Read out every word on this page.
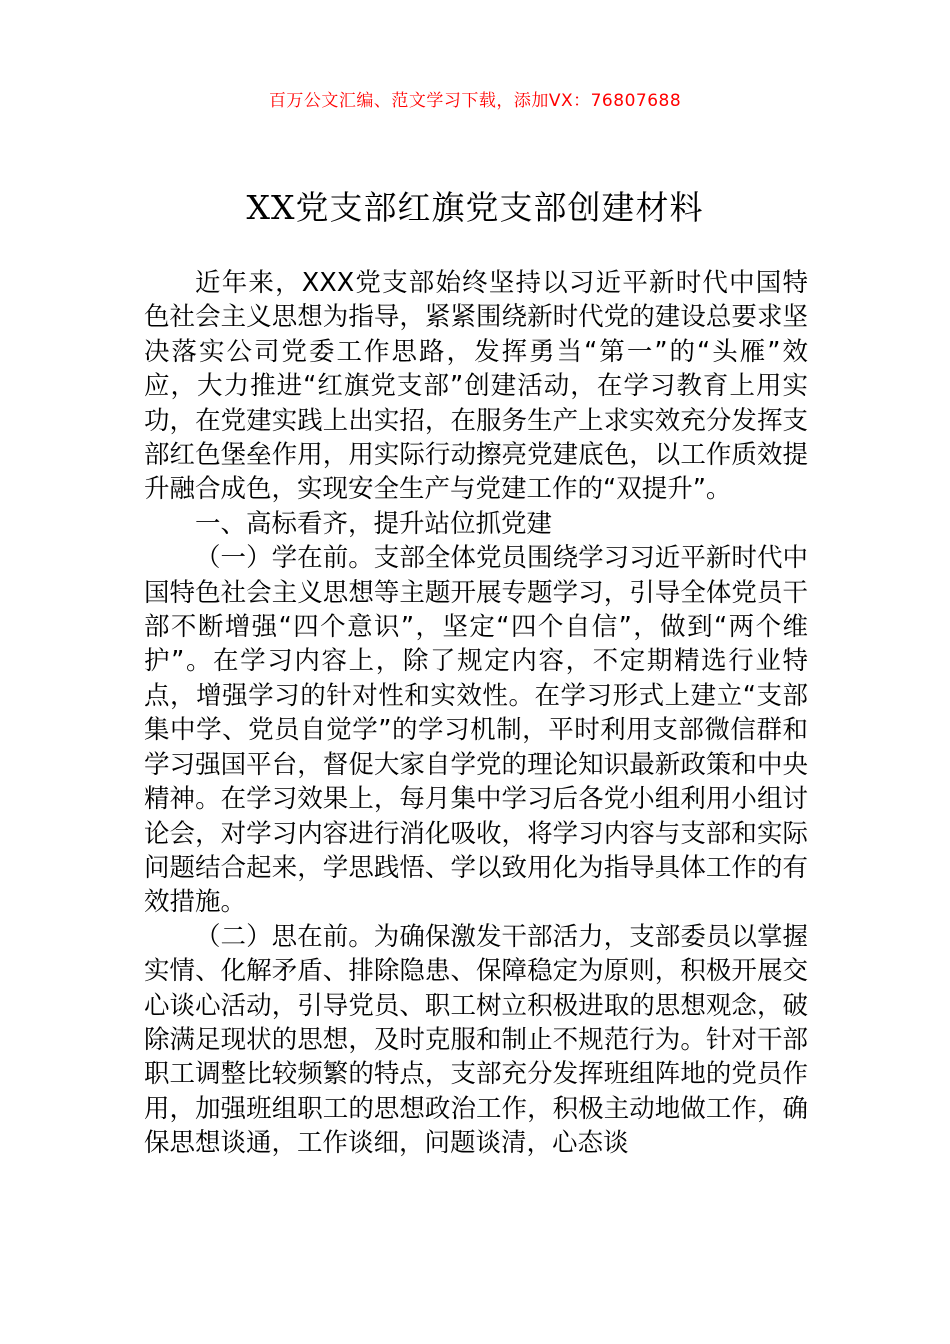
百万公文汇编、范文学习下载，添加VX：76807688
XX党支部红旗党支部创建材料

近年来，XXX党支部始终坚持以习近平新时代中国特色社会主义思想为指导，紧紧围绕新时代党的建设总要求坚决落实公司党委工作思路，发挥勇当“第一”的“头雁”效应，大力推进“红旗党支部”创建活动，在学习教育上用实功，在党建实践上出实招，在服务生产上求实效充分发挥支部红色堡垒作用，用实际行动擦亮党建底色，以工作质效提升融合成色，实现安全生产与党建工作的“双提升”。

一、高标看齐，提升站位抓党建

（一）学在前。支部全体党员围绕学习习近平新时代中国特色社会主义思想等主题开展专题学习，引导全体党员干部不断增强“四个意识”，坚定“四个自信”，做到“两个维护”。在学习内容上，除了规定内容，不定期精选行业特点，增强学习的针对性和实效性。在学习形式上建立“支部集中学、党员自觉学”的学习机制，平时利用支部微信群和学习强国平台，督促大家自学党的理论知识最新政策和中央精神。在学习效果上，每月集中学习后各党小组利用小组讨论会，对学习内容进行消化吸收，将学习内容与支部和实际问题结合起来，学思践悟、学以致用化为指导具体工作的有效措施。

（二）思在前。为确保激发干部活力，支部委员以掌握实情、化解矛盾、排除隐患、保障稳定为原则，积极开展交心谈心活动，引导党员、职工树立积极进取的思想观念，破除满足现状的思想，及时克服和制止不规范行为。针对干部职工调整比较频繁的特点，支部充分发挥班组阵地的党员作用，加强班组职工的思想政治工作，积极主动地做工作，确保思想谈通，工作谈细，问题谈清，心态谈
